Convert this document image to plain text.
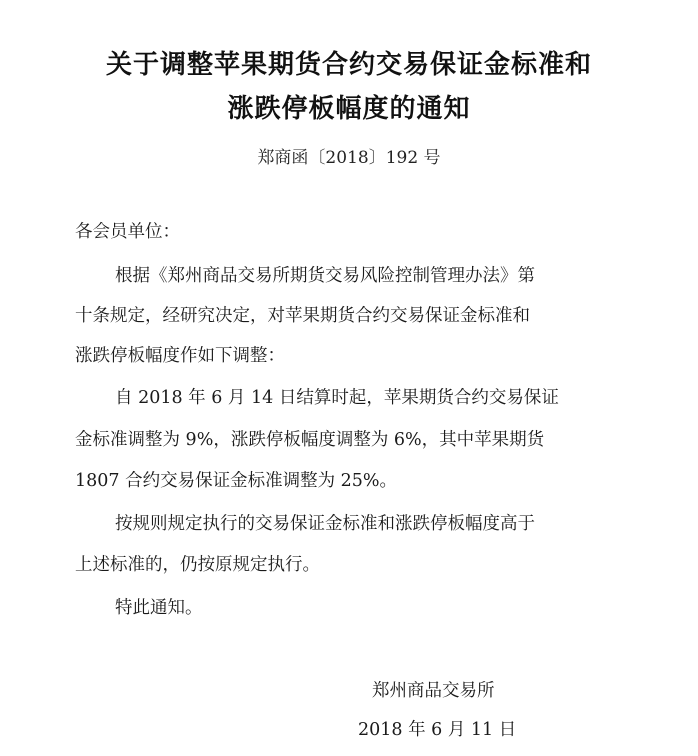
关于调整苹果期货合约交易保证金标准和
涨跌停板幅度的通知
郑商函〔2018〕192 号
各会员单位：
根据《郑州商品交易所期货交易风险控制管理办法》第
十条规定，经研究决定，对苹果期货合约交易保证金标准和
涨跌停板幅度作如下调整：
自 2018 年 6 月 14 日结算时起，苹果期货合约交易保证
金标准调整为 9%，涨跌停板幅度调整为 6%，其中苹果期货
1807 合约交易保证金标准调整为 25%。
按规则规定执行的交易保证金标准和涨跌停板幅度高于
上述标准的，仍按原规定执行。
特此通知。
郑州商品交易所
2018 年 6 月 11 日
